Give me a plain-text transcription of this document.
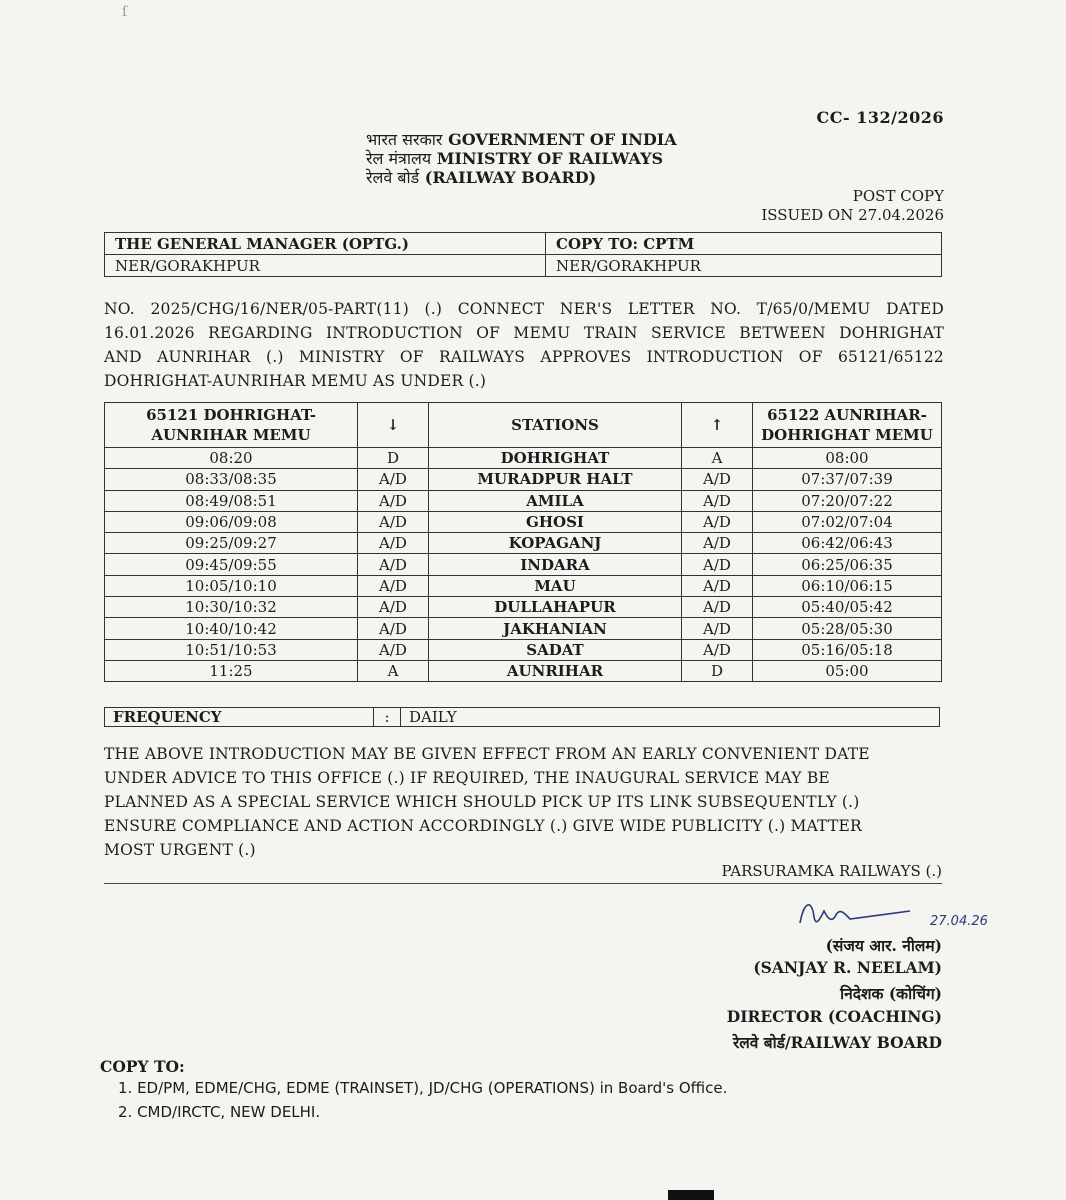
ſ
CC- 132/2026
भारत सरकार GOVERNMENT OF INDIA
रेल मंत्रालय MINISTRY OF RAILWAYS
रेलवे बोर्ड (RAILWAY BOARD)
POST COPY
ISSUED ON 27.04.2026
THE GENERAL MANAGER (OPTG.)	COPY TO: CPTM
NER/GORAKHPUR	NER/GORAKHPUR
NO. 2025/CHG/16/NER/05-PART(11) (.) CONNECT NER'S LETTER NO. T/65/0/MEMU DATED
16.01.2026 REGARDING INTRODUCTION OF MEMU TRAIN SERVICE BETWEEN DOHRIGHAT
AND AUNRIHAR (.) MINISTRY OF RAILWAYS APPROVES INTRODUCTION OF 65121/65122
DOHRIGHAT-AUNRIHAR MEMU AS UNDER (.)
65121 DOHRIGHAT-AUNRIHAR MEMU	↓	STATIONS	↑	65122 AUNRIHAR-DOHRIGHAT MEMU
08:20	D	DOHRIGHAT	A	08:00
08:33/08:35	A/D	MURADPUR HALT	A/D	07:37/07:39
08:49/08:51	A/D	AMILA	A/D	07:20/07:22
09:06/09:08	A/D	GHOSI	A/D	07:02/07:04
09:25/09:27	A/D	KOPAGANJ	A/D	06:42/06:43
09:45/09:55	A/D	INDARA	A/D	06:25/06:35
10:05/10:10	A/D	MAU	A/D	06:10/06:15
10:30/10:32	A/D	DULLAHAPUR	A/D	05:40/05:42
10:40/10:42	A/D	JAKHANIAN	A/D	05:28/05:30
10:51/10:53	A/D	SADAT	A/D	05:16/05:18
11:25	A	AUNRIHAR	D	05:00
FREQUENCY	:	DAILY
THE ABOVE INTRODUCTION MAY BE GIVEN EFFECT FROM AN EARLY CONVENIENT DATE
UNDER ADVICE TO THIS OFFICE (.) IF REQUIRED, THE INAUGURAL SERVICE MAY BE
PLANNED AS A SPECIAL SERVICE WHICH SHOULD PICK UP ITS LINK SUBSEQUENTLY (.)
ENSURE COMPLIANCE AND ACTION ACCORDINGLY (.) GIVE WIDE PUBLICITY (.) MATTER
MOST URGENT (.)
PARSURAMKA RAILWAYS (.)
27.04.26
(संजय आर. नीलम)
(SANJAY R. NEELAM)
निदेशक (कोचिंग)
DIRECTOR (COACHING)
रेलवे बोर्ड/RAILWAY BOARD
COPY TO:
1. ED/PM, EDME/CHG, EDME (TRAINSET), JD/CHG (OPERATIONS) in Board's Office.
2. CMD/IRCTC, NEW DELHI.
